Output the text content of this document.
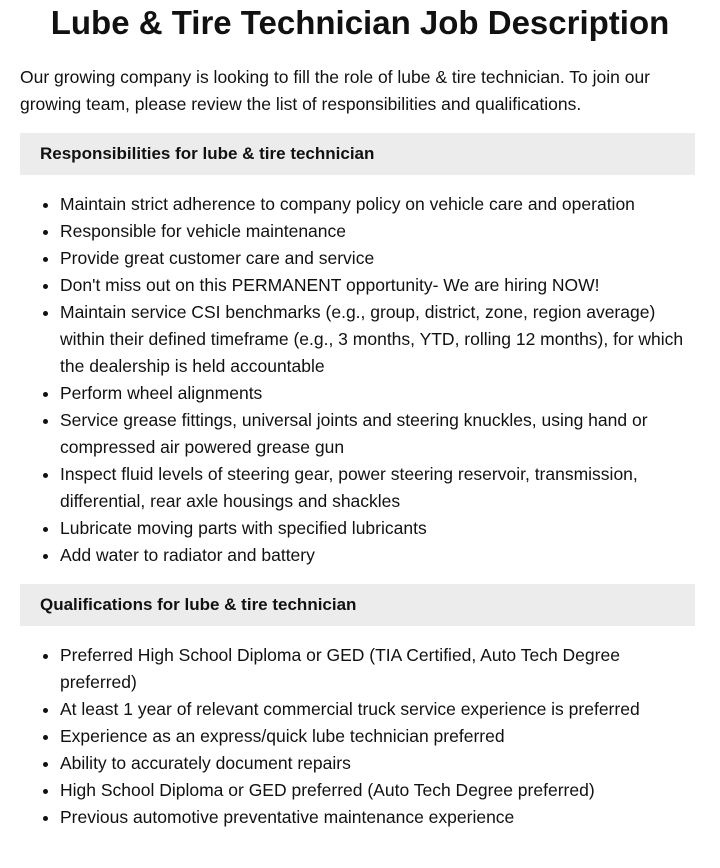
Lube & Tire Technician Job Description

Our growing company is looking to fill the role of lube & tire technician. To join our growing team, please review the list of responsibilities and qualifications.

Responsibilities for lube & tire technician
• Maintain strict adherence to company policy on vehicle care and operation
• Responsible for vehicle maintenance
• Provide great customer care and service
• Don't miss out on this PERMANENT opportunity- We are hiring NOW!
• Maintain service CSI benchmarks (e.g., group, district, zone, region average) within their defined timeframe (e.g., 3 months, YTD, rolling 12 months), for which the dealership is held accountable
• Perform wheel alignments
• Service grease fittings, universal joints and steering knuckles, using hand or compressed air powered grease gun
• Inspect fluid levels of steering gear, power steering reservoir, transmission, differential, rear axle housings and shackles
• Lubricate moving parts with specified lubricants
• Add water to radiator and battery
Qualifications for lube & tire technician
• Preferred High School Diploma or GED (TIA Certified, Auto Tech Degree preferred)
• At least 1 year of relevant commercial truck service experience is preferred
• Experience as an express/quick lube technician preferred
• Ability to accurately document repairs
• High School Diploma or GED preferred (Auto Tech Degree preferred)
• Previous automotive preventative maintenance experience
